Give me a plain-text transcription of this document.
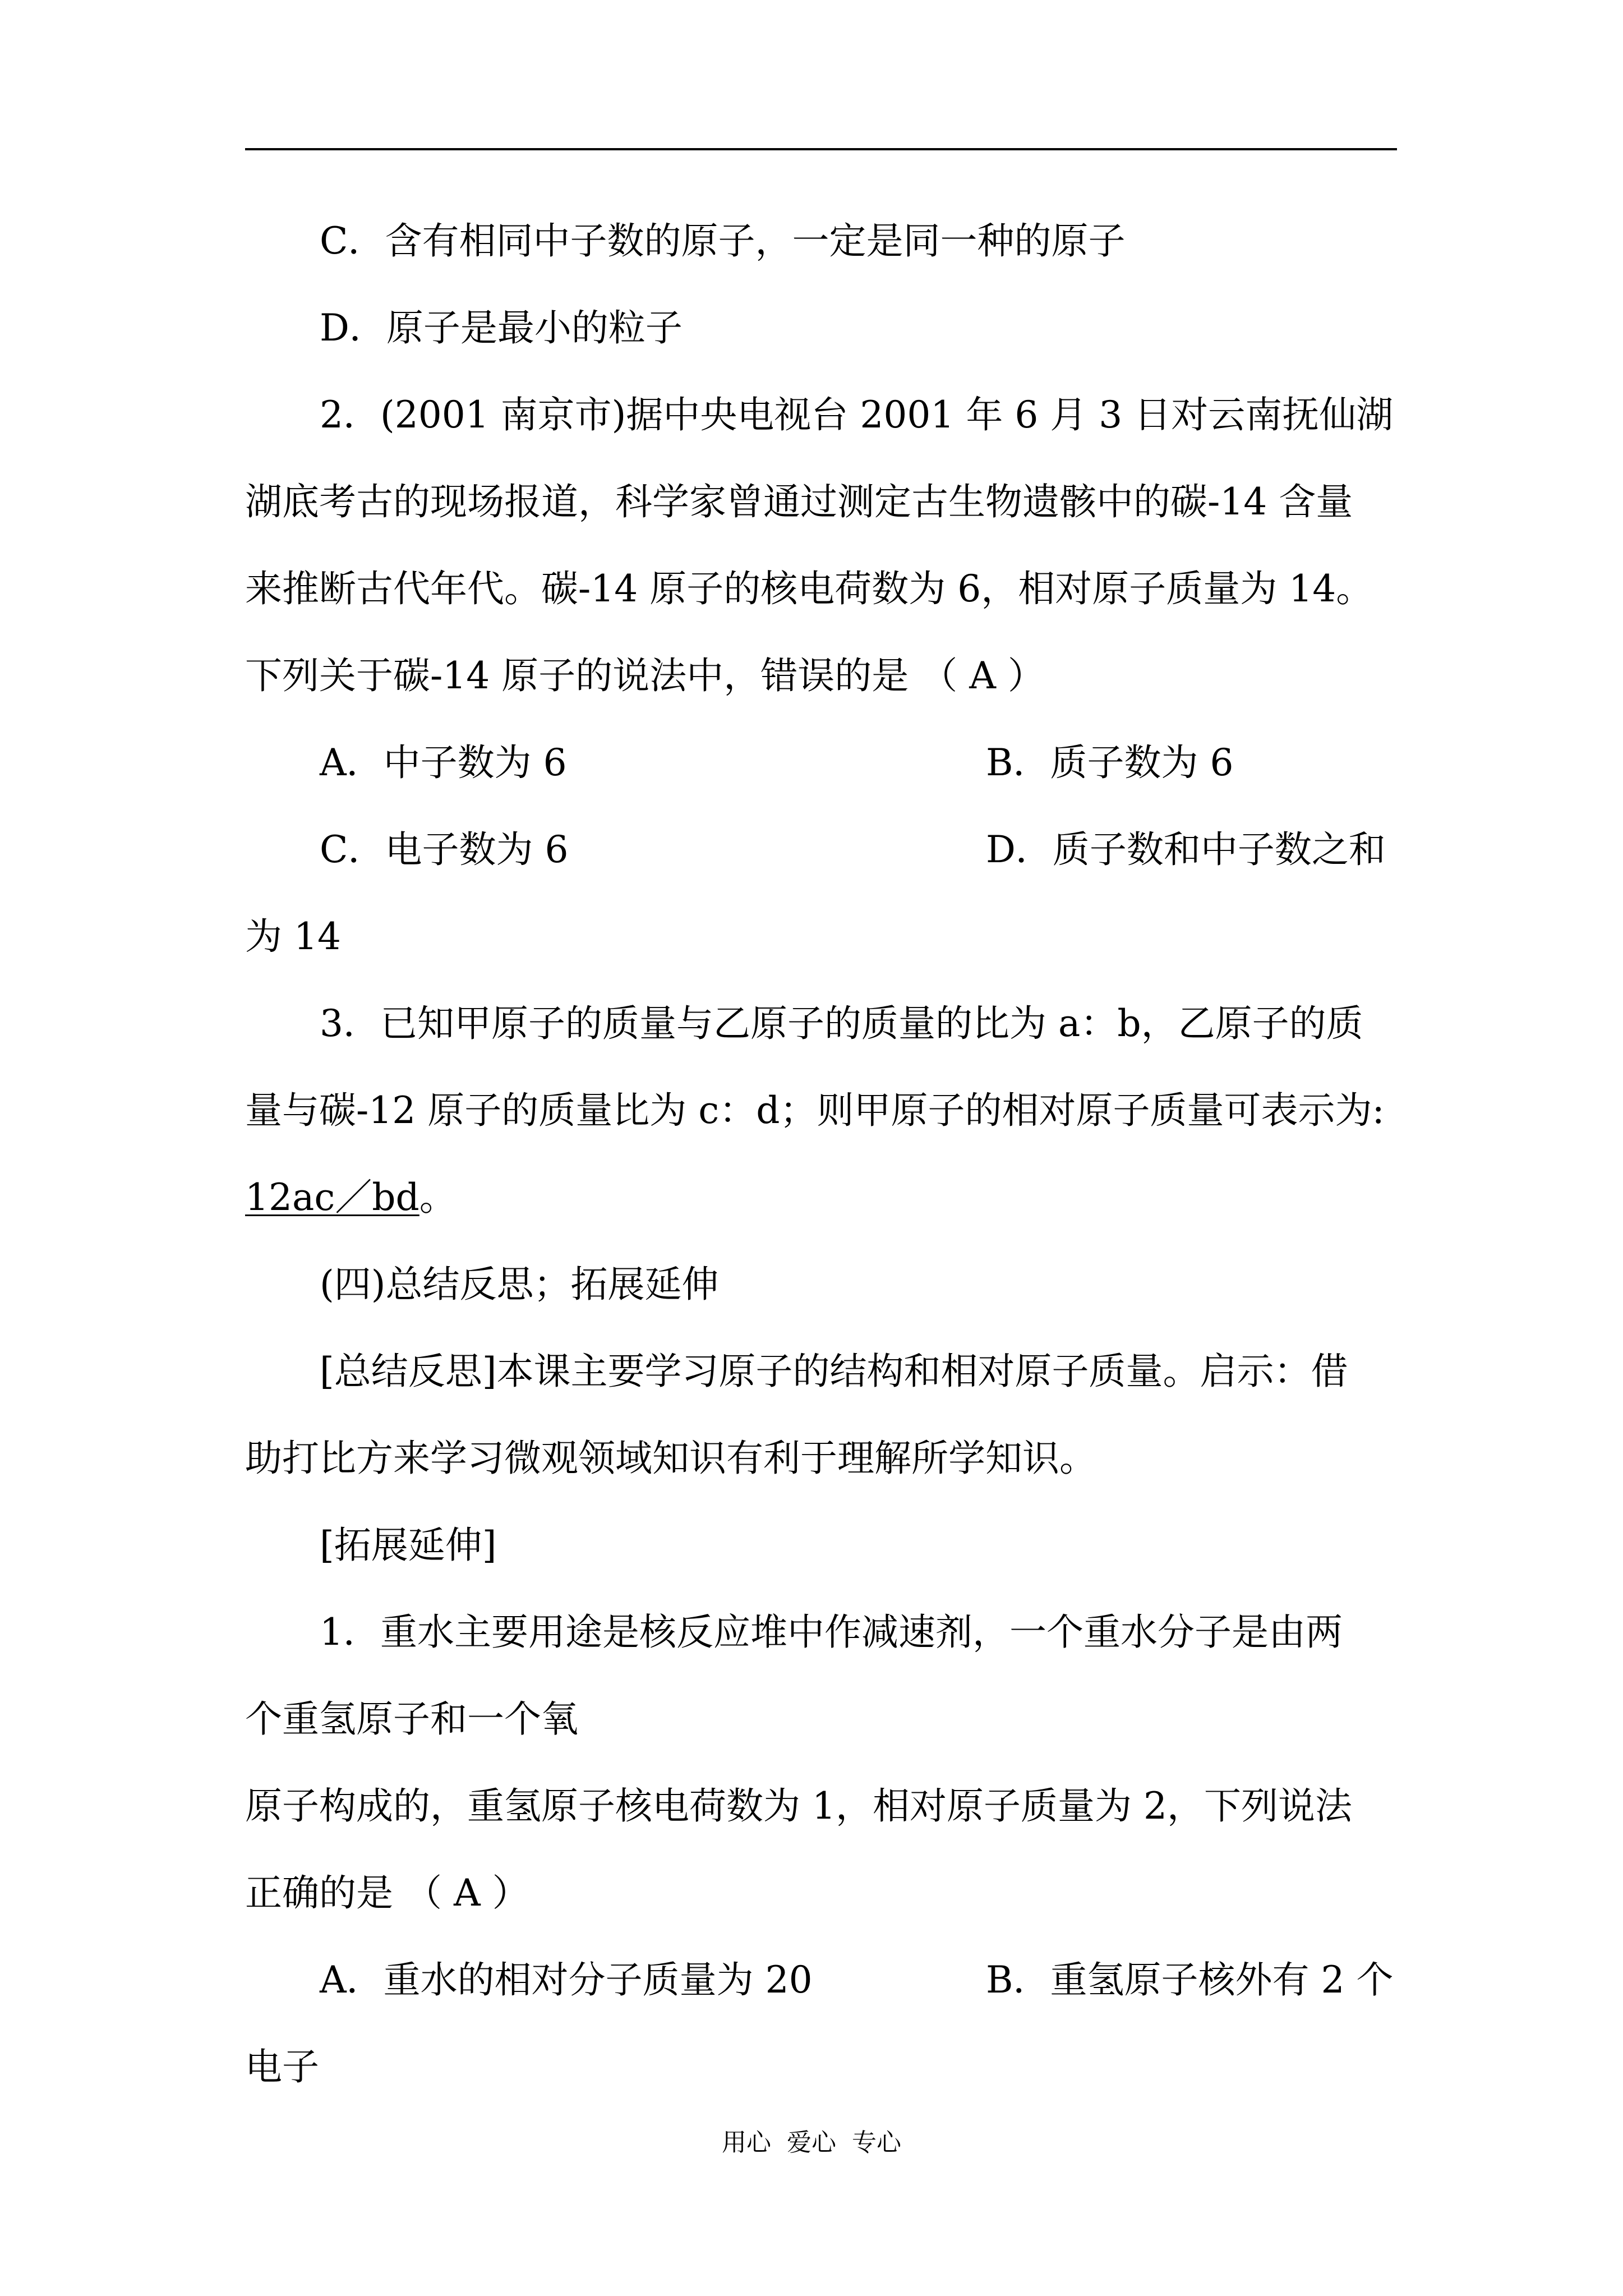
C．含有相同中子数的原子，一定是同一种的原子
D．原子是最小的粒子
2．(2001 南京市)据中央电视台 2001 年 6 月 3 日对云南抚仙湖
湖底考古的现场报道，科学家曾通过测定古生物遗骸中的碳-14 含量
来推断古代年代。碳-14 原子的核电荷数为 6，相对原子质量为 14。
下列关于碳-14 原子的说法中，错误的是 （ A ）
A．中子数为 6	B．质子数为 6
C．电子数为 6	D．质子数和中子数之和
为 14
3．已知甲原子的质量与乙原子的质量的比为 a：b，乙原子的质
量与碳-12 原子的质量比为 c：d；则甲原子的相对原子质量可表示为:
12ac／bd。
(四)总结反思；拓展延伸
[总结反思]本课主要学习原子的结构和相对原子质量。启示：借
助打比方来学习微观领域知识有利于理解所学知识。
[拓展延伸]
1．重水主要用途是核反应堆中作减速剂，一个重水分子是由两
个重氢原子和一个氧
原子构成的，重氢原子核电荷数为 1，相对原子质量为 2，下列说法
正确的是 （ A ）
A．重水的相对分子质量为 20	B．重氢原子核外有 2 个
电子
用心  爱心  专心
